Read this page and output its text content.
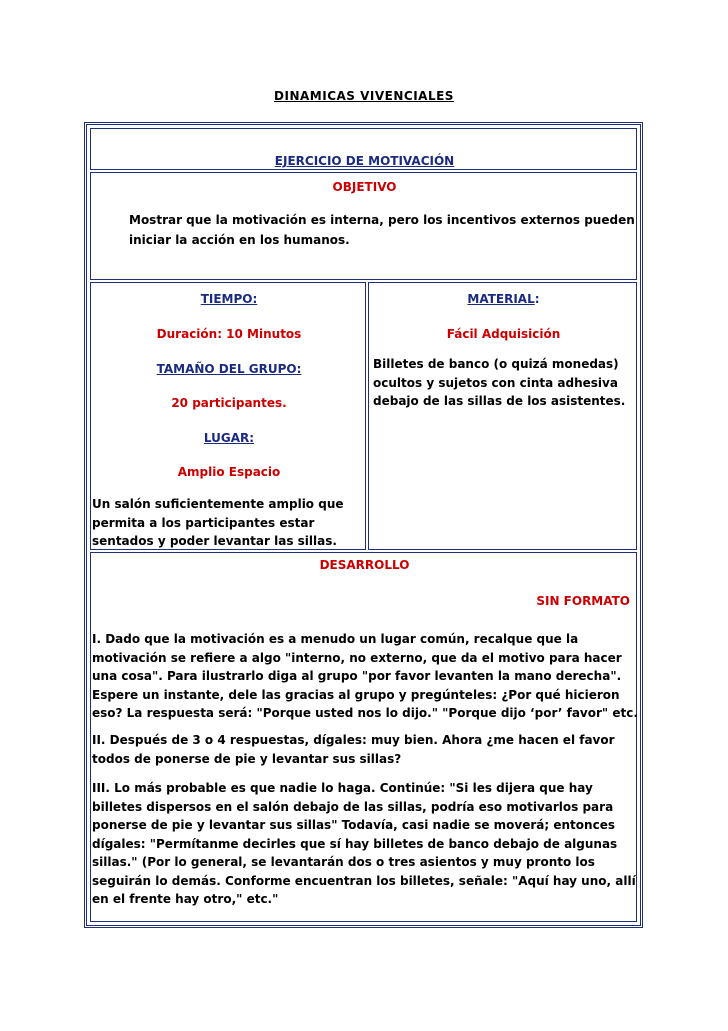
DINAMICAS VIVENCIALES
EJERCICIO DE MOTIVACIÓN
OBJETIVO

Mostrar que la motivación es interna, pero los incentivos externos pueden iniciar la acción en los humanos.

TIEMPO:
Duración: 10 Minutos
TAMAÑO DEL GRUPO:
20 participantes.
LUGAR:
Amplio Espacio

Un salón suficientemente amplio que permita a los participantes estar sentados y poder levantar las sillas.

MATERIAL:
Fácil Adquisición

Billetes de banco (o quizá monedas) ocultos y sujetos con cinta adhesiva debajo de las sillas de los asistentes.

DESARROLLO
SIN FORMATO

I. Dado que la motivación es a menudo un lugar común, recalque que la motivación se refiere a algo "interno, no externo, que da el motivo para hacer una cosa". Para ilustrarlo diga al grupo "por favor levanten la mano derecha". Espere un instante, dele las gracias al grupo y pregúnteles: ¿Por qué hicieron eso? La respuesta será: "Porque usted nos lo dijo." "Porque dijo ‘por’ favor" etc.

II. Después de 3 o 4 respuestas, dígales: muy bien. Ahora ¿me hacen el favor todos de ponerse de pie y levantar sus sillas?

III. Lo más probable es que nadie lo haga. Continúe: "Si les dijera que hay billetes dispersos en el salón debajo de las sillas, podría eso motivarlos para ponerse de pie y levantar sus sillas" Todavía, casi nadie se moverá; entonces dígales: "Permítanme decirles que sí hay billetes de banco debajo de algunas sillas." (Por lo general, se levantarán dos o tres asientos y muy pronto los seguirán lo demás. Conforme encuentran los billetes, señale: "Aquí hay uno, allí en el frente hay otro," etc."
